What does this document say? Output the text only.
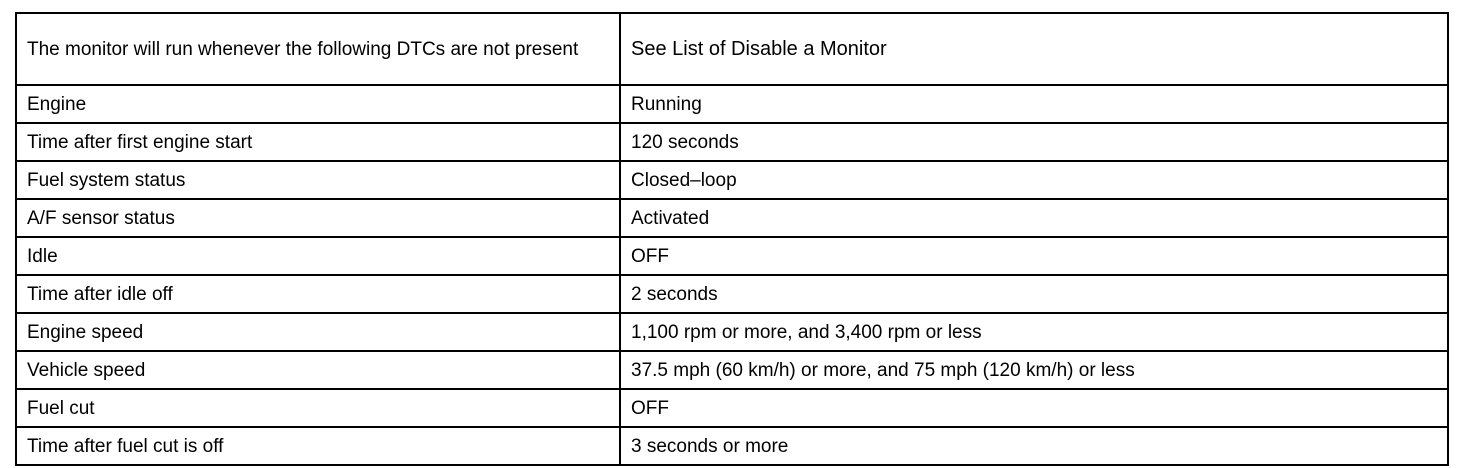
The monitor will run whenever the following DTCs are not present	See List of Disable a Monitor
Engine	Running
Time after first engine start	120 seconds
Fuel system status	Closed–loop
A/F sensor status	Activated
Idle	OFF
Time after idle off	2 seconds
Engine speed	1,100 rpm or more, and 3,400 rpm or less
Vehicle speed	37.5 mph (60 km/h) or more, and 75 mph (120 km/h) or less
Fuel cut	OFF
Time after fuel cut is off	3 seconds or more
